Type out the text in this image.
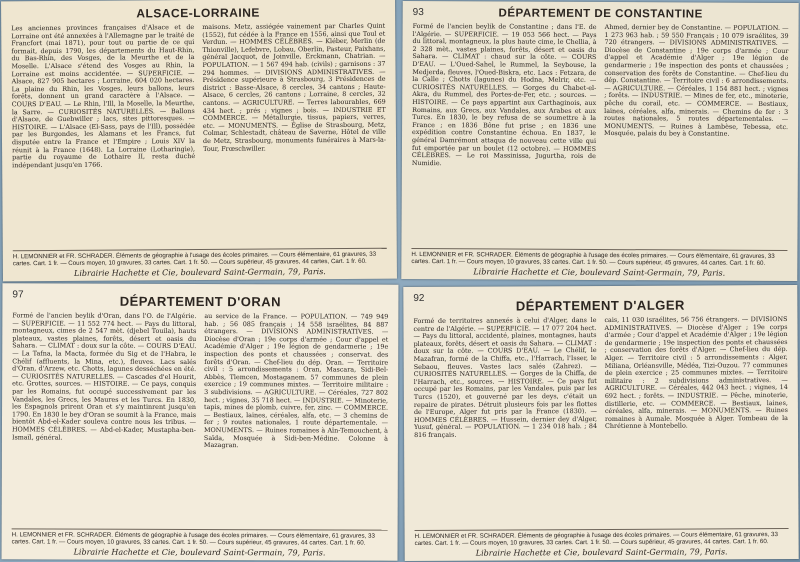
ALSACE-LORRAINE
Les anciennes provinces françaises d'Alsace et de Lorraine ont été annexées à l'Allemagne par le traité de Francfort (mai 1871), pour tout ou partie de ce qui formait, depuis 1790, les départements du Haut-Rhin, du Bas-Rhin, des Vosges, de la Meurthe et de la Moselle. L'Alsace s'étend des Vosges au Rhin, la Lorraine est moins accidentée. — SUPERFICIE. — Alsace, 827 905 hectares ; Lorraine, 604 020 hectares. La plaine du Rhin, les Vosges, leurs ballons, leurs forêts, donnent un grand caractère à l'Alsace. — COURS D'EAU. — Le Rhin, l'Ill, la Moselle, la Meurthe, la Sarre. — CURIOSITÉS NATURELLES. — Ballons d'Alsace, de Guebwiller ; lacs, sites pittoresques. — HISTOIRE. — L'Alsace (El-Sass, pays de l'Ill), possédée par les Burgondes, les Alamans et les Francs, fut disputée entre la France et l'Empire ; Louis XIV la réunit à la France (1648). La Lorraine (Lotharingie), partie du royaume de Lothaire II, resta duché indépendant jusqu'en 1766.
maisons. Metz, assiégée vainement par Charles Quint (1552), fut cédée à la France en 1556, ainsi que Toul et Verdun. — HOMMES CÉLÈBRES. — Kléber, Merlin (de Thionville), Lefebvre, Lobau, Oberlin, Pasteur, Paixhans, général Jacquot, de Joinville, Erckmann, Chatrian. — POPULATION. — 1 567 494 hab. (civils) ; garnisons : 37 294 hommes. — DIVISIONS ADMINISTRATIVES. — Présidence supérieure à Strasbourg, 3 Présidences de district : Basse-Alsace, 8 cercles, 34 cantons ; Haute-Alsace, 6 cercles, 26 cantons ; Lorraine, 8 cercles, 32 cantons. — AGRICULTURE. — Terres labourables, 669 434 hect. ; prés ; vignes ; bois. — INDUSTRIE ET COMMERCE. — Métallurgie, tissus, papiers, verres, etc. — MONUMENTS. — Église de Strasbourg, Metz, Colmar, Schlestadt, château de Saverne, Hôtel de ville de Metz, Strasbourg, monuments funéraires à Mars-la-Tour, Frœschwiller.
H. LEMONNIER et FR. SCHRADER. Éléments de géographie à l'usage des écoles primaires. — Cours élémentaire, 61 gravures, 33 cartes. Cart. 1 fr. — Cours moyen, 10 gravures, 33 cartes. Cart. 1 fr. 50. — Cours supérieur, 45 gravures, 44 cartes, Cart. 1 fr. 60.
Librairie Hachette et Cie, boulevard Saint-Germain, 79, Paris.
93	DÉPARTEMENT DE CONSTANTINE
Formé de l'ancien beylik de Constantine ; dans l'E. de l'Algérie. — SUPERFICIE. — 19 053 566 hect. — Pays du littoral, montagneux, la plus haute cime, le Chellia, à 2 328 mèt., vastes plaines, forêts, désert et oasis du Sahara. — CLIMAT : chaud sur la côte. — COURS D'EAU. — L'Oued-Sahel, le Rummel, la Seybouse, la Medjerda, fleuves, l'Oued-Biskra, etc. Lacs : Fetzara, de la Calle ; Chotts (lagunes) du Hodna, Melrir, etc. — CURIOSITÉS NATURELLES. — Gorges du Chabet-el-Akra, du Rummel, des Portes-de-Fer, etc. ; sources. — HISTOIRE. — Ce pays appartint aux Carthaginois, aux Romains, aux Grecs, aux Vandales, aux Arabes et aux Turcs. En 1830, le bey refusa de se soumettre à la France ; en 1836 Bône fut prise ; en 1836 une expédition contre Constantine échoua. En 1837, le général Damrémont attaqua de nouveau cette ville qui fut emportée par un boulet (12 octobre). — HOMMES CÉLÈBRES. — Le roi Massinissa, Jugurtha, rois de Numidie.
Ahmed, dernier bey de Constantine. — POPULATION. — 1 273 963 hab. ; 59 550 Français ; 10 079 israélites, 39 720 étrangers. — DIVISIONS ADMINISTRATIVES. — Diocèse de Constantine ; 19e corps d'armée ; Cour d'appel et Académie d'Alger ; 19e légion de gendarmerie ; 19e inspection des ponts et chaussées ; conservation des forêts de Constantine. — Chef-lieu du dép. Constantine. — Territoire civil : 6 arrondissements. — AGRICULTURE. — Céréales, 1 154 881 hect. ; vignes ; forêts. — INDUSTRIE. — Mines de fer, etc., minoterie, pêche du corail, etc. — COMMERCE. — Bestiaux, laines, céréales, alfa, minerais. — Chemins de fer : 3 routes nationales, 5 routes départementales. — MONUMENTS. — Ruines à Lambèse, Tebessa, etc. Mosquée, palais du bey à Constantine.
H. LEMONNIER et FR. SCHRADER. Éléments de géographie à l'usage des écoles primaires. — Cours élémentaire, 61 gravures, 33 cartes. Cart. 1 fr. — Cours moyen, 10 gravures, 33 cartes. Cart. 1 fr. 50. — Cours supérieur, 45 gravures, 44 cartes. Cart. 1 fr. 60.
Librairie Hachette et Cie, boulevard Saint-Germain, 79, Paris.
97	DÉPARTEMENT D'ORAN
Formé de l'ancien beylik d'Oran, dans l'O. de l'Algérie. — SUPERFICIE. — 11 552 774 hect. — Pays du littoral, montagneux, cimes de 2 547 mèt. (djebel Touila), hauts plateaux, vastes plaines, forêts, désert et oasis du Sahara. — CLIMAT : doux sur la côte. — COURS D'EAU. — La Tafna, la Macta, formée du Sig et de l'Habra, le Chélif (affluents, la Mina, etc.), fleuves. Lacs salés d'Oran, d'Arzew, etc. Chotts, lagunes desséchées en été. — CURIOSITÉS NATURELLES. — Cascades d'el Hourit, etc. Grottes, sources. — HISTOIRE. — Ce pays, conquis par les Romains, fut occupé successivement par les Vandales, les Grecs, les Maures et les Turcs. En 1830, les Espagnols prirent Oran et s'y maintinrent jusqu'en 1790. En 1830 le bey d'Oran se soumit à la France, mais bientôt Abd-el-Kader souleva contre nous les tribus. — HOMMES CÉLÈBRES. — Abd-el-Kader, Mustapha-ben-Ismaïl, général.
au service de la France. — POPULATION. — 749 949 hab. ; 56 085 français ; 14 558 israélites, 84 887 étrangers. — DIVISIONS ADMINISTRATIVES. — Diocèse d'Oran ; 19e corps d'armée ; Cour d'appel et Académie d'Alger ; 19e légion de gendarmerie ; 19e inspection des ponts et chaussées ; conservat. des forêts d'Oran. — Chef-lieu du dép. Oran. — Territoire civil : 5 arrondissements : Oran, Mascara, Sidi-Bel-Abbès, Tlemcen, Mostaganem. 57 communes de plein exercice ; 19 communes mixtes. — Territoire militaire : 3 subdivisions. — AGRICULTURE. — Céréales, 727 802 hect. ; vignes, 35 718 hect. — INDUSTRIE. — Minoterie, tapis, mines de plomb, cuivre, fer, zinc. — COMMERCE. — Bestiaux, laines, céréales, alfa, etc. — 3 chemins de fer ; 9 routes nationales, 1 route départementale. — MONUMENTS. — Ruines romaines à Aïn-Temouchent, à Saïda, Mosquée à Sidi-ben-Médine. Colonne à Mazagran.
H. LEMONNIER et FR. SCHRADER. Éléments de géographie à l'usage des écoles primaires. — Cours élémentaire, 61 gravures, 33 cartes. Cart. 1 fr. — Cours moyen, 10 gravures, 33 cartes. Cart. 1 fr. 50. — Cours supérieur, 45 gravures, 44 cartes. Cart. 1 fr. 60.
Librairie Hachette et Cie, boulevard Saint-Germain, 79, Paris.
92	DÉPARTEMENT D'ALGER
Formé de territoires annexés à celui d'Alger, dans le centre de l'Algérie. — SUPERFICIE. — 17 077 204 hect. — Pays du littoral, accidenté, plaines, montagnes, hauts plateaux, forêts, désert et oasis du Sahara. — CLIMAT : doux sur la côte. — COURS D'EAU. — Le Chélif, le Mazafran, formé de la Chiffa, etc., l'Harrach, l'Isser, le Sebaou, fleuves. Vastes lacs salés (Zahrez). — CURIOSITÉS NATURELLES. — Gorges de la Chiffa, de l'Harrach, etc., sources. — HISTOIRE. — Ce pays fut occupé par les Romains, par les Vandales, puis par les Turcs (1520), et gouverné par les deys, c'était un repaire de pirates. Détruit plusieurs fois par les flottes de l'Europe, Alger fut pris par la France (1830). — HOMMES CÉLÈBRES. — Hussein, dernier dey d'Alger, Yusuf, général. — POPULATION. — 1 234 018 hab. ; 84 816 français.
cais, 11 030 israélites, 56 756 étrangers. — DIVISIONS ADMINISTRATIVES. — Diocèse d'Alger ; 19e corps d'armée ; Cour d'appel et Académie d'Alger ; 19e légion de gendarmerie ; 19e inspection des ponts et chaussées ; conservation des forêts d'Alger. — Chef-lieu du dép. Alger. — Territoire civil : 5 arrondissements : Alger, Miliana, Orléansville, Médéa, Tizi-Ouzou. 77 communes de plein exercice ; 25 communes mixtes. — Territoire militaire : 2 subdivisions administratives. — AGRICULTURE. — Céréales, 442 043 hect. ; vignes, 14 692 hect. ; forêts. — INDUSTRIE. — Pêche, minoterie, distillerie, etc. — COMMERCE. — Bestiaux, laines, céréales, alfa, minerais. — MONUMENTS. — Ruines romaines à Aumale. Mosquée à Alger. Tombeau de la Chrétienne à Montebello.
H. LEMONNIER et FR. SCHRADER. Éléments de géographie à l'usage des écoles primaires. — Cours élémentaire, 61 gravures, 33 cartes. Cart. 1 fr. — Cours moyen, 10 gravures, 33 cartes. Cart. 1 fr. 50. — Cours supérieur, 45 gravures, 44 cartes. Cart. 1 fr. 60.
Librairie Hachette et Cie, boulevard Saint-Germain, 79, Paris.
